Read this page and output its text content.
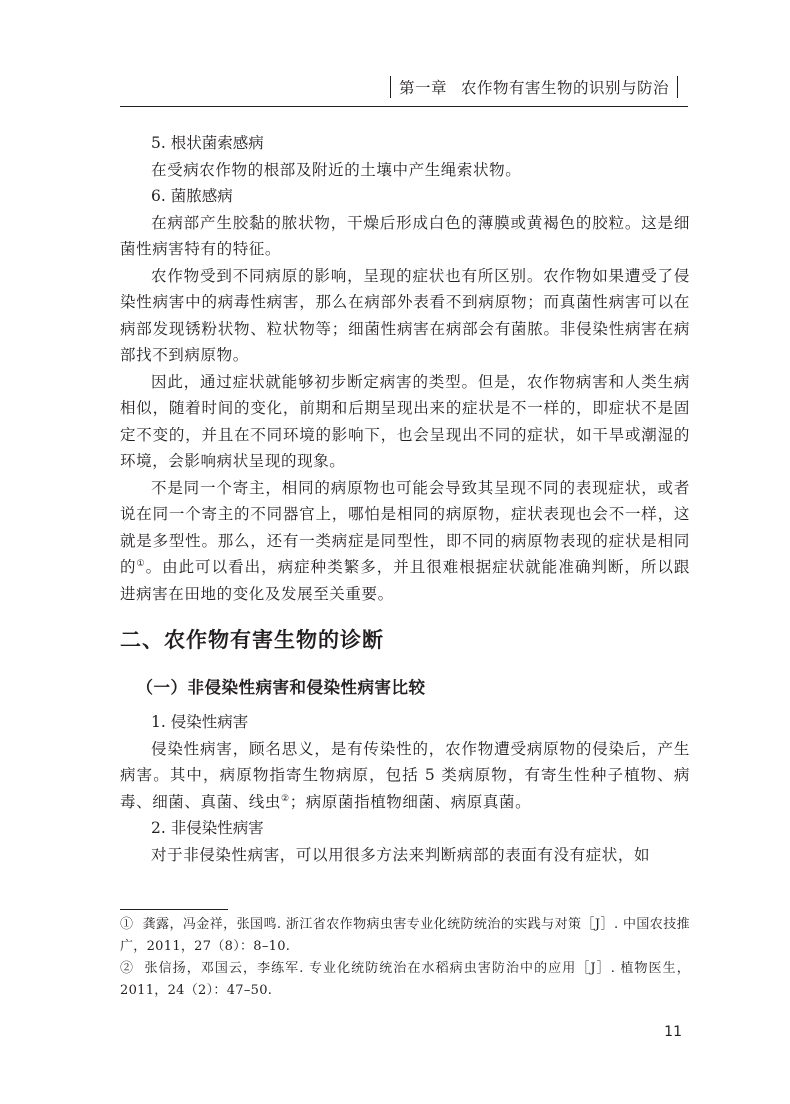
第一章 农作物有害生物的识别与防治

5. 根状菌索感病

在受病农作物的根部及附近的土壤中产生绳索状物。

6. 菌脓感病

在病部产生胶黏的脓状物，干燥后形成白色的薄膜或黄褐色的胶粒。这是细菌性病害特有的特征。

农作物受到不同病原的影响，呈现的症状也有所区别。农作物如果遭受了侵染性病害中的病毒性病害，那么在病部外表看不到病原物；而真菌性病害可以在病部发现锈粉状物、粒状物等；细菌性病害在病部会有菌脓。非侵染性病害在病部找不到病原物。

因此，通过症状就能够初步断定病害的类型。但是，农作物病害和人类生病相似，随着时间的变化，前期和后期呈现出来的症状是不一样的，即症状不是固定不变的，并且在不同环境的影响下，也会呈现出不同的症状，如干旱或潮湿的环境，会影响病状呈现的现象。

不是同一个寄主，相同的病原物也可能会导致其呈现不同的表现症状，或者说在同一个寄主的不同器官上，哪怕是相同的病原物，症状表现也会不一样，这就是多型性。那么，还有一类病症是同型性，即不同的病原物表现的症状是相同的①。由此可以看出，病症种类繁多，并且很难根据症状就能准确判断，所以跟进病害在田地的变化及发展至关重要。

二、农作物有害生物的诊断
（一）非侵染性病害和侵染性病害比较

1. 侵染性病害

侵染性病害，顾名思义，是有传染性的，农作物遭受病原物的侵染后，产生病害。其中，病原物指寄生物病原，包括 5 类病原物，有寄生性种子植物、病毒、细菌、真菌、线虫②；病原菌指植物细菌、病原真菌。

2. 非侵染性病害

对于非侵染性病害，可以用很多方法来判断病部的表面有没有症状，如

① 龚露，冯金祥，张国鸣. 浙江省农作物病虫害专业化统防统治的实践与对策［J］. 中国农技推广，2011，27（8）：8–10.

② 张信扬，邓国云，李练军. 专业化统防统治在水稻病虫害防治中的应用［J］. 植物医生，2011，24（2）：47–50.

11
